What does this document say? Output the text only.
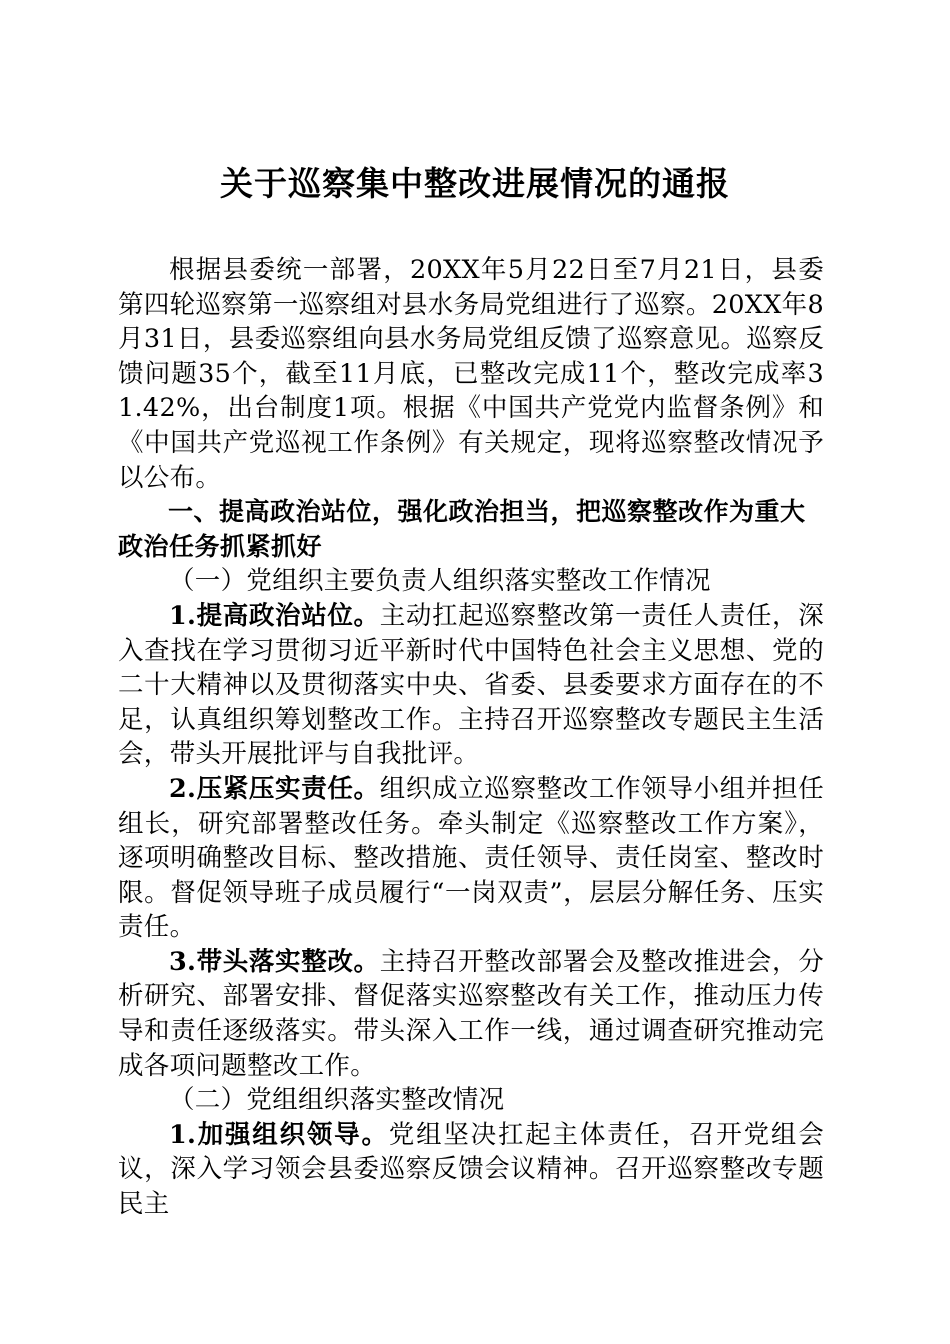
关于巡察集中整改进展情况的通报

根据县委统一部署，20XX年5月22日至7月21日，县委第四轮巡察第一巡察组对县水务局党组进行了巡察。20XX年8月31日，县委巡察组向县水务局党组反馈了巡察意见。巡察反馈问题35个，截至11月底，已整改完成11个，整改完成率31.42%，出台制度1项。根据《中国共产党党内监督条例》和《中国共产党巡视工作条例》有关规定，现将巡察整改情况予以公布。

一、提高政治站位，强化政治担当，把巡察整改作为重大政治任务抓紧抓好

（一）党组织主要负责人组织落实整改工作情况

1.提高政治站位。主动扛起巡察整改第一责任人责任，深入查找在学习贯彻习近平新时代中国特色社会主义思想、党的二十大精神以及贯彻落实中央、省委、县委要求方面存在的不足，认真组织筹划整改工作。主持召开巡察整改专题民主生活会，带头开展批评与自我批评。

2.压紧压实责任。组织成立巡察整改工作领导小组并担任组长，研究部署整改任务。牵头制定《巡察整改工作方案》，逐项明确整改目标、整改措施、责任领导、责任岗室、整改时限。督促领导班子成员履行“一岗双责”，层层分解任务、压实责任。

3.带头落实整改。主持召开整改部署会及整改推进会，分析研究、部署安排、督促落实巡察整改有关工作，推动压力传导和责任逐级落实。带头深入工作一线，通过调查研究推动完成各项问题整改工作。

（二）党组组织落实整改情况

1.加强组织领导。党组坚决扛起主体责任，召开党组会议，深入学习领会县委巡察反馈会议精神。召开巡察整改专题民主
